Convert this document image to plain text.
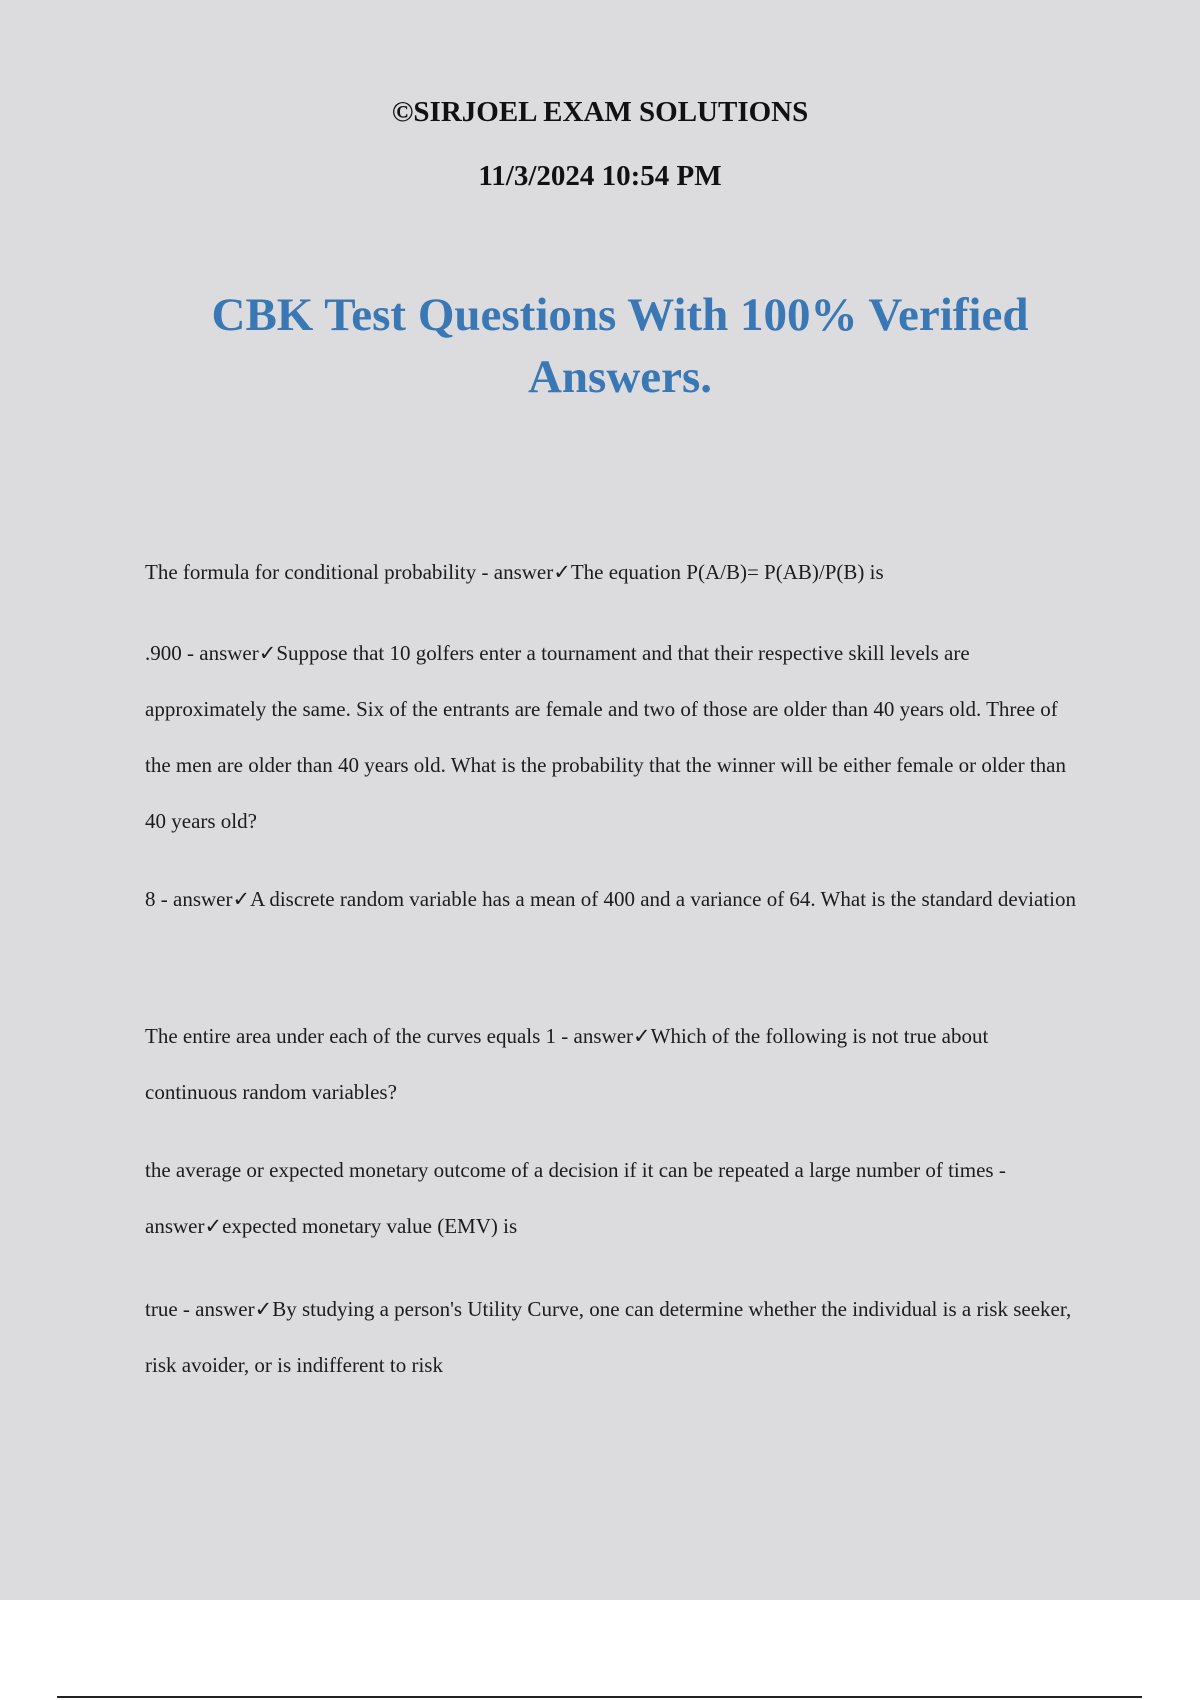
©SIRJOEL EXAM SOLUTIONS

11/3/2024 10:54 PM

CBK Test Questions With 100% Verified Answers.

The formula for conditional probability - answer✓The equation P(A/B)= P(AB)/P(B) is

.900 - answer✓Suppose that 10 golfers enter a tournament and that their respective skill levels are approximately the same. Six of the entrants are female and two of those are older than 40 years old. Three of the men are older than 40 years old. What is the probability that the winner will be either female or older than 40 years old?

8 - answer✓A discrete random variable has a mean of 400 and a variance of 64. What is the standard deviation

The entire area under each of the curves equals 1 - answer✓Which of the following is not true about continuous random variables?

the average or expected monetary outcome of a decision if it can be repeated a large number of times - answer✓expected monetary value (EMV) is

true - answer✓By studying a person's Utility Curve, one can determine whether the individual is a risk seeker, risk avoider, or is indifferent to risk
